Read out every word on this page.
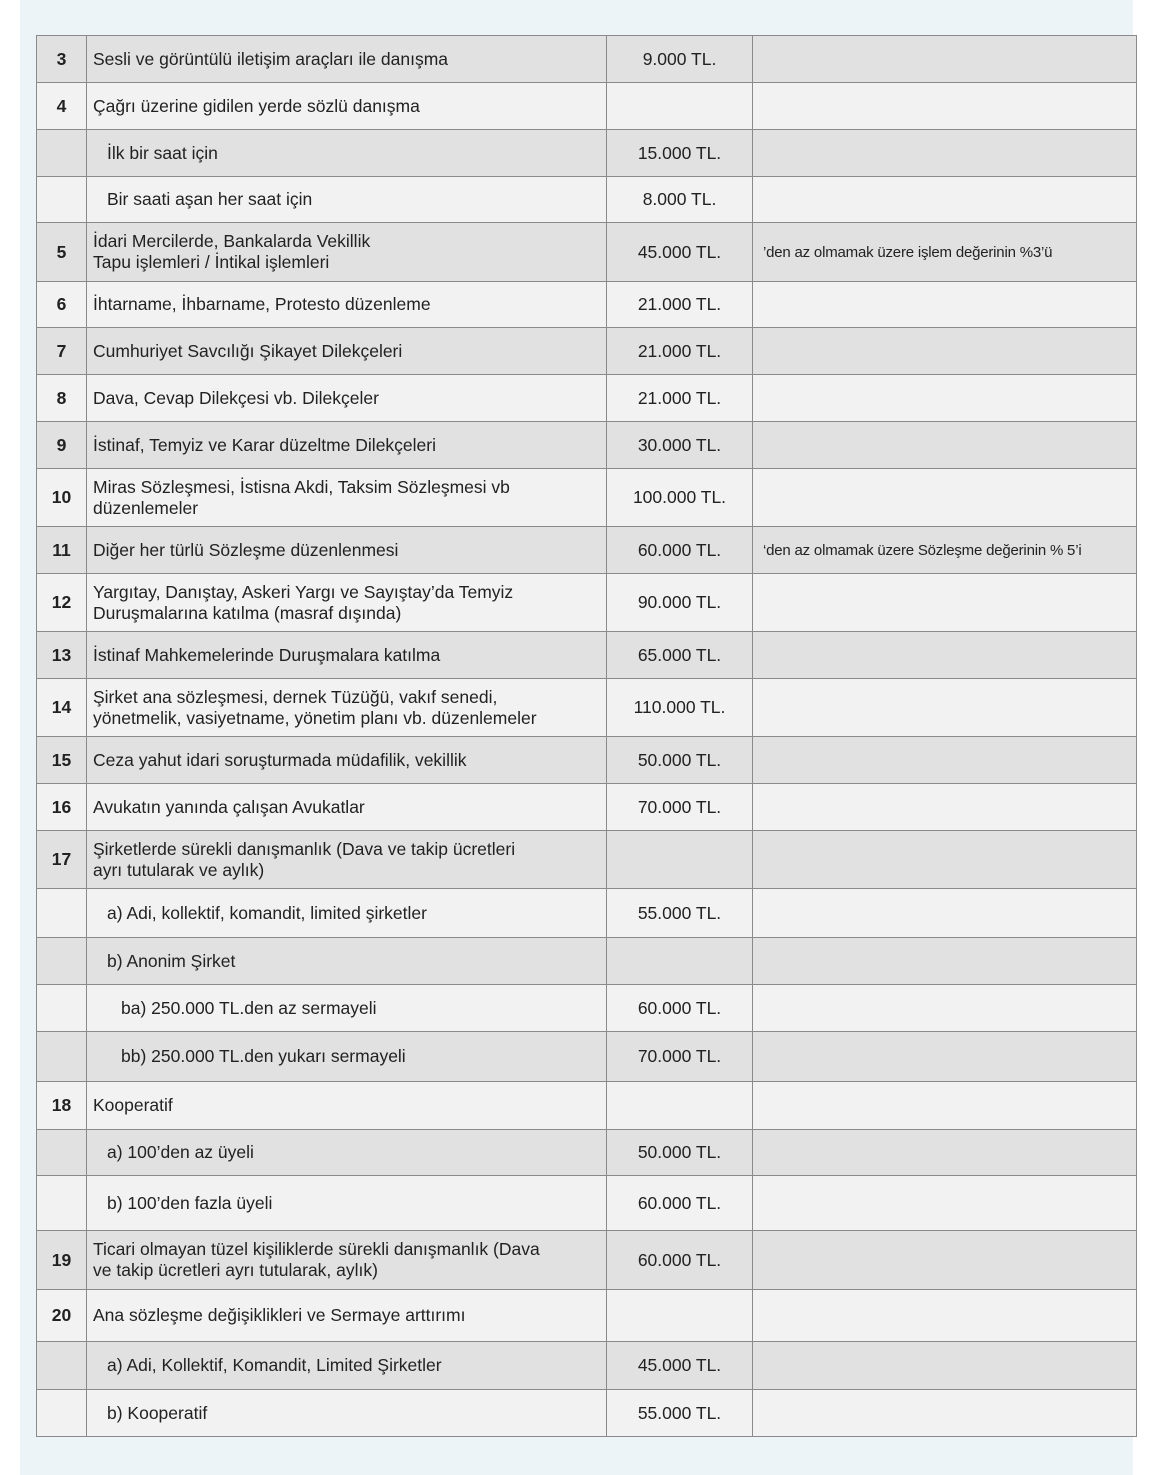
3	Sesli ve görüntülü iletişim araçları ile danışma	9.000 TL.	
4	Çağrı üzerine gidilen yerde sözlü danışma		
	İlk bir saat için	15.000 TL.	
	Bir saati aşan her saat için	8.000 TL.	
5	İdari Mercilerde, Bankalarda Vekillik
Tapu işlemleri / İntikal işlemleri	45.000 TL.	’den az olmamak üzere işlem değerinin %3’ü
6	İhtarname, İhbarname, Protesto düzenleme	21.000 TL.	
7	Cumhuriyet Savcılığı Şikayet Dilekçeleri	21.000 TL.	
8	Dava, Cevap Dilekçesi vb. Dilekçeler	21.000 TL.	
9	İstinaf, Temyiz ve Karar düzeltme Dilekçeleri	30.000 TL.	
10	Miras Sözleşmesi, İstisna Akdi, Taksim Sözleşmesi vb
düzenlemeler	100.000 TL.	
11	Diğer her türlü Sözleşme düzenlenmesi	60.000 TL.	‘den az olmamak üzere Sözleşme değerinin % 5’i
12	Yargıtay, Danıştay, Askeri Yargı ve Sayıştay’da Temyiz
Duruşmalarına katılma (masraf dışında)	90.000 TL.	
13	İstinaf Mahkemelerinde Duruşmalara katılma	65.000 TL.	
14	Şirket ana sözleşmesi, dernek Tüzüğü, vakıf senedi,
yönetmelik, vasiyetname, yönetim planı vb. düzenlemeler	110.000 TL.	
15	Ceza yahut idari soruşturmada müdafilik, vekillik	50.000 TL.	
16	Avukatın yanında çalışan Avukatlar	70.000 TL.	
17	Şirketlerde sürekli danışmanlık (Dava ve takip ücretleri
ayrı tutularak ve aylık)		
	a) Adi, kollektif, komandit, limited şirketler	55.000 TL.	
	b) Anonim Şirket		
	ba) 250.000 TL.den az sermayeli	60.000 TL.	
	bb) 250.000 TL.den yukarı sermayeli	70.000 TL.	
18	Kooperatif		
	a) 100’den az üyeli	50.000 TL.	
	b) 100’den fazla üyeli	60.000 TL.	
19	Ticari olmayan tüzel kişiliklerde sürekli danışmanlık (Dava
ve takip ücretleri ayrı tutularak, aylık)	60.000 TL.	
20	Ana sözleşme değişiklikleri ve Sermaye arttırımı		
	a) Adi, Kollektif, Komandit, Limited Şirketler	45.000 TL.	
	b) Kooperatif	55.000 TL.	
